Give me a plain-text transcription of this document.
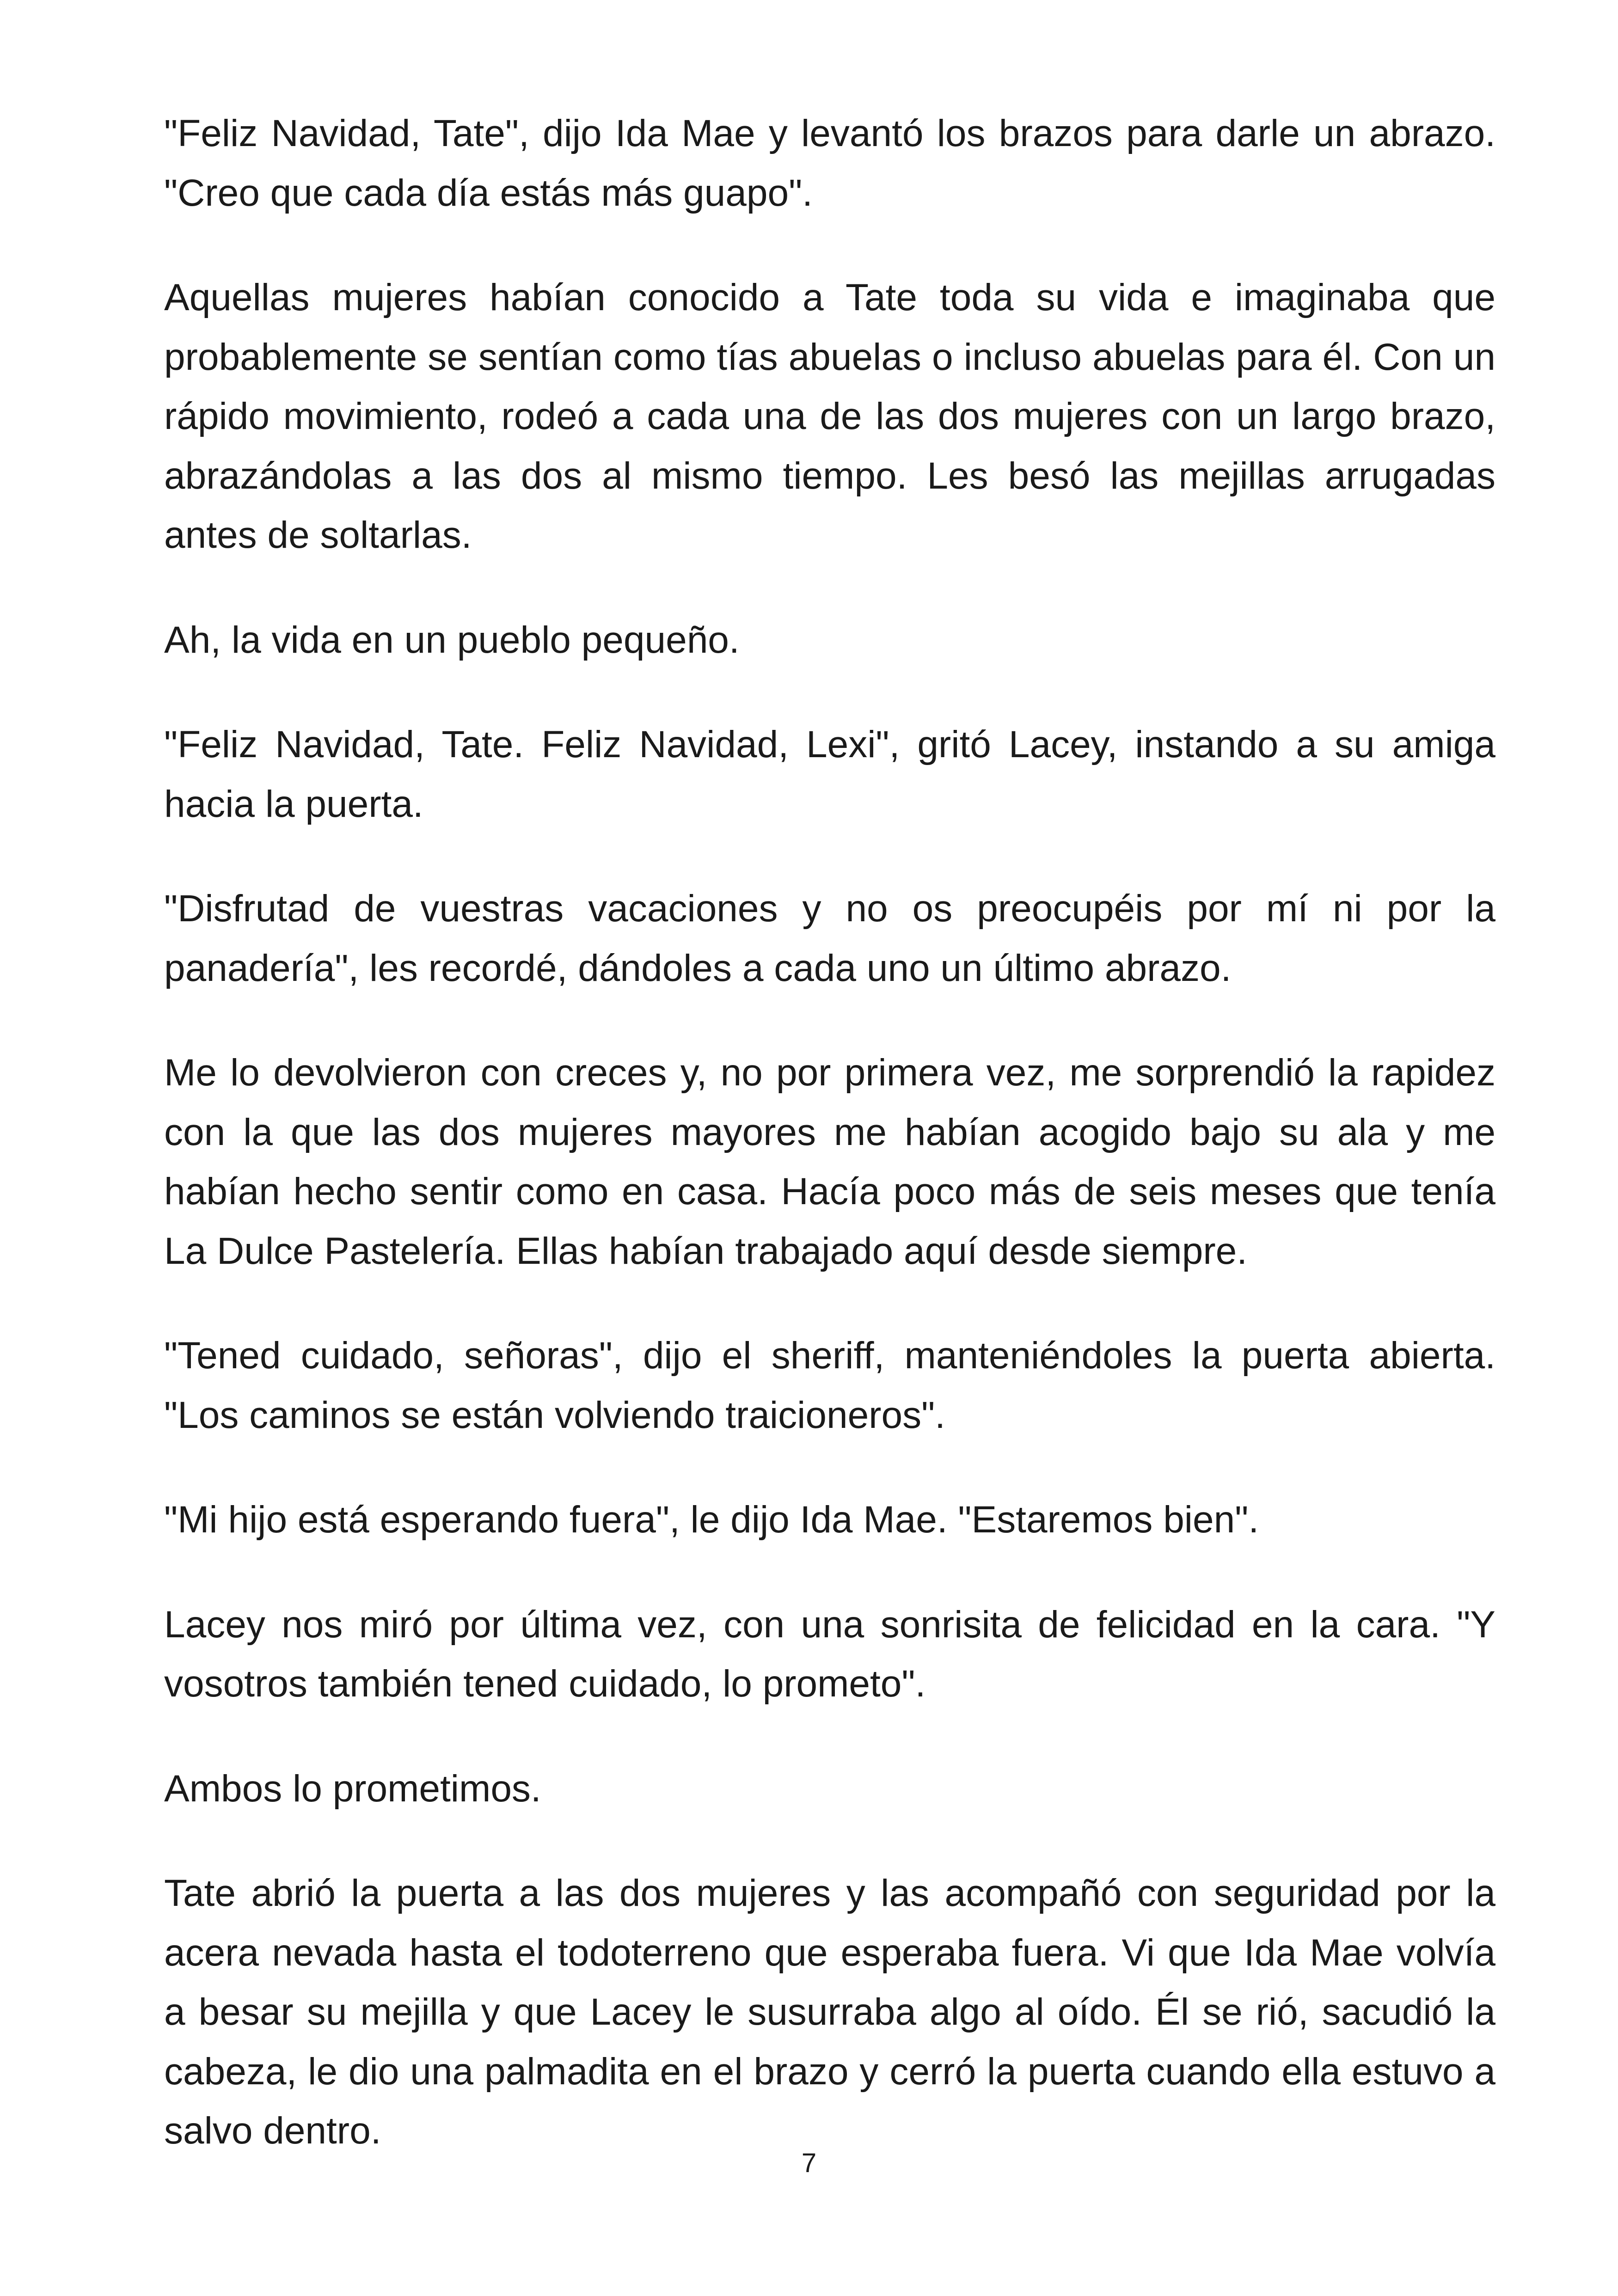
"Feliz Navidad, Tate", dijo Ida Mae y levantó los brazos para darle un abrazo. "Creo que cada día estás más guapo".

Aquellas mujeres habían conocido a Tate toda su vida e imaginaba que probablemente se sentían como tías abuelas o incluso abuelas para él. Con un rápido movimiento, rodeó a cada una de las dos mujeres con un largo brazo, abrazándolas a las dos al mismo tiempo. Les besó las mejillas arrugadas antes de soltarlas.

Ah, la vida en un pueblo pequeño.

"Feliz Navidad, Tate. Feliz Navidad, Lexi", gritó Lacey, instando a su amiga hacia la puerta.

"Disfrutad de vuestras vacaciones y no os preocupéis por mí ni por la panadería", les recordé, dándoles a cada uno un último abrazo.

Me lo devolvieron con creces y, no por primera vez, me sorprendió la rapidez con la que las dos mujeres mayores me habían acogido bajo su ala y me habían hecho sentir como en casa. Hacía poco más de seis meses que tenía La Dulce Pastelería. Ellas habían trabajado aquí desde siempre.

"Tened cuidado, señoras", dijo el sheriff, manteniéndoles la puerta abierta. "Los caminos se están volviendo traicioneros".

"Mi hijo está esperando fuera", le dijo Ida Mae. "Estaremos bien".

Lacey nos miró por última vez, con una sonrisita de felicidad en la cara. "Y vosotros también tened cuidado, lo prometo".

Ambos lo prometimos.

Tate abrió la puerta a las dos mujeres y las acompañó con seguridad por la acera nevada hasta el todoterreno que esperaba fuera. Vi que Ida Mae volvía a besar su mejilla y que Lacey le susurraba algo al oído. Él se rió, sacudió la cabeza, le dio una palmadita en el brazo y cerró la puerta cuando ella estuvo a salvo dentro.

7
